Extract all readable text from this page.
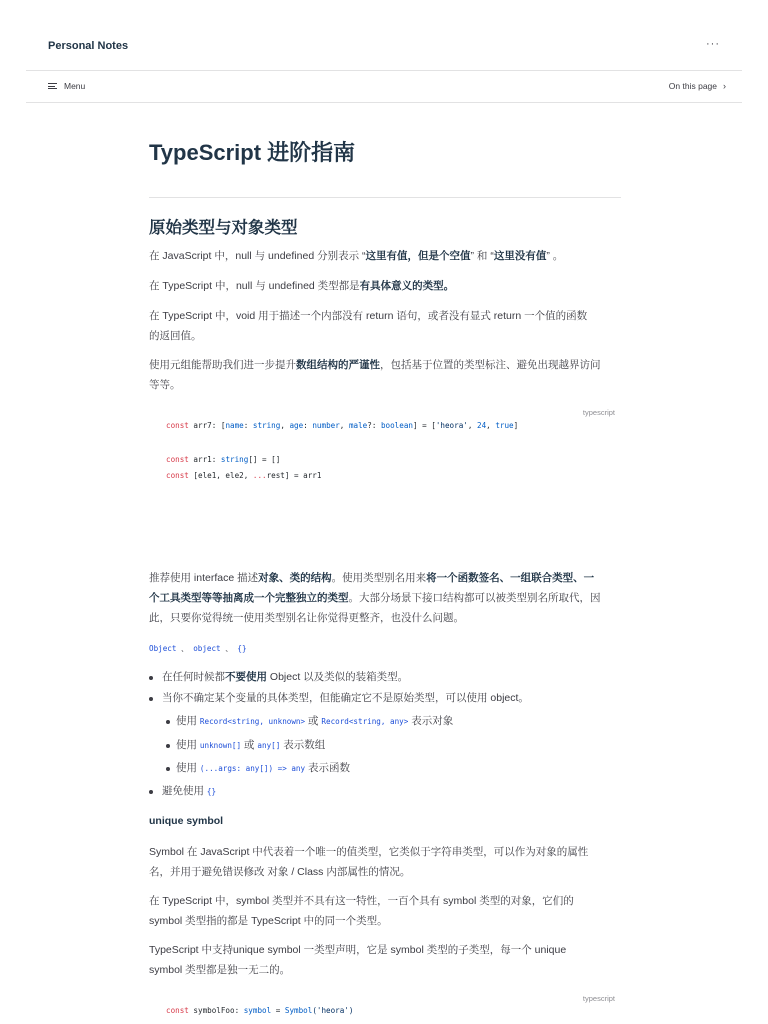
Personal Notes	···
Menu	On this page ›
TypeScript 进阶指南
原始类型与对象类型

在 JavaScript 中，null 与 undefined 分别表示 “这里有值，但是个空值” 和 “这里没有值” 。

在 TypeScript 中，null 与 undefined 类型都是有具体意义的类型。

在 TypeScript 中，void 用于描述一个内部没有 return 语句，或者没有显式 return 一个值的函数
的返回值。

使用元组能帮助我们进一步提升数组结构的严谨性，包括基于位置的类型标注、避免出现越界访问
等等。

typescript
const arr7: [name: string, age: number, male?: boolean] = ['heora', 24, true]
const arr1: string[] = []
const [ele1, ele2, ...rest] = arr1

推荐使用 interface 描述对象、类的结构。使用类型别名用来将一个函数签名、一组联合类型、一
个工具类型等等抽离成一个完整独立的类型。大部分场景下接口结构都可以被类型别名所取代，因
此，只要你觉得统一使用类型别名让你觉得更整齐，也没什么问题。

Object 、 object 、 {}

在任何时候都不要使用 Object 以及类似的装箱类型。
当你不确定某个变量的具体类型，但能确定它不是原始类型，可以使用 object。
使用 Record<string, unknown> 或 Record<string, any> 表示对象
使用 unknown[] 或 any[] 表示数组
使用 (...args: any[]) => any 表示函数
避免使用 {}
unique symbol

Symbol 在 JavaScript 中代表着一个唯一的值类型，它类似于字符串类型，可以作为对象的属性
名，并用于避免错误修改 对象 / Class 内部属性的情况。

在 TypeScript 中，symbol 类型并不具有这一特性，一百个具有 symbol 类型的对象，它们的
symbol 类型指的都是 TypeScript 中的同一个类型。

TypeScript 中支持unique symbol 一类型声明，它是 symbol 类型的子类型，每一个 unique
symbol 类型都是独一无二的。

typescript
const symbolFoo: symbol = Symbol('heora')
